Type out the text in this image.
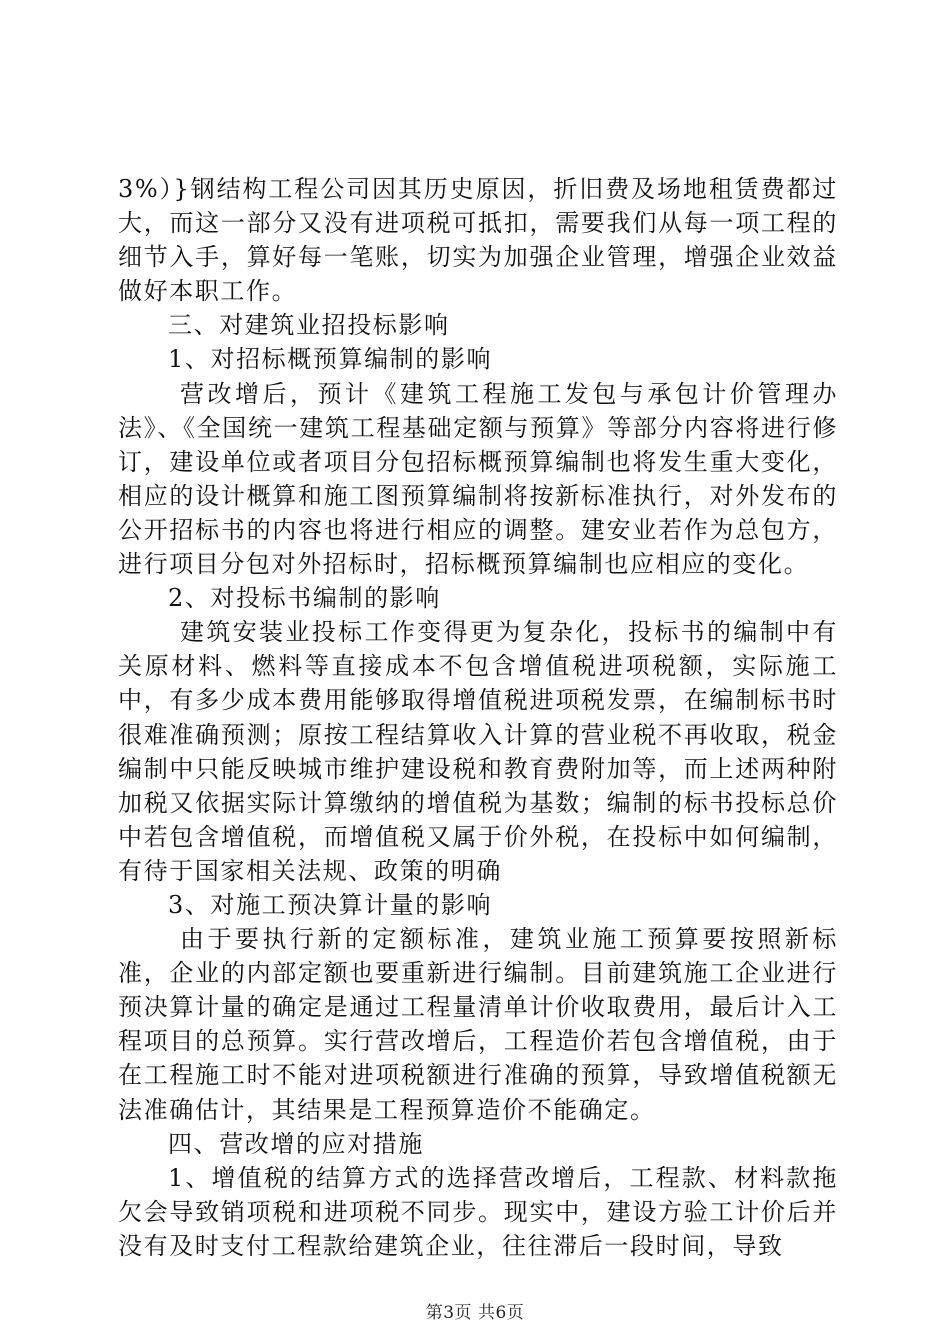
3%）}钢结构工程公司因其历史原因，折旧费及场地租赁费都过大，而这一部分又没有进项税可抵扣，需要我们从每一项工程的细节入手，算好每一笔账，切实为加强企业管理，增强企业效益做好本职工作。

三、对建筑业招投标影响

1、对招标概预算编制的影响

营改增后，预计《建筑工程施工发包与承包计价管理办法》、《全国统一建筑工程基础定额与预算》等部分内容将进行修订，建设单位或者项目分包招标概预算编制也将发生重大变化，相应的设计概算和施工图预算编制将按新标准执行，对外发布的公开招标书的内容也将进行相应的调整。建安业若作为总包方，进行项目分包对外招标时，招标概预算编制也应相应的变化。

2、对投标书编制的影响

建筑安装业投标工作变得更为复杂化，投标书的编制中有关原材料、燃料等直接成本不包含增值税进项税额，实际施工中，有多少成本费用能够取得增值税进项税发票，在编制标书时很难准确预测；原按工程结算收入计算的营业税不再收取，税金编制中只能反映城市维护建设税和教育费附加等，而上述两种附加税又依据实际计算缴纳的增值税为基数；编制的标书投标总价中若包含增值税，而增值税又属于价外税，在投标中如何编制，有待于国家相关法规、政策的明确

3、对施工预决算计量的影响

由于要执行新的定额标准，建筑业施工预算要按照新标准，企业的内部定额也要重新进行编制。目前建筑施工企业进行预决算计量的确定是通过工程量清单计价收取费用，最后计入工程项目的总预算。实行营改增后，工程造价若包含增值税，由于在工程施工时不能对进项税额进行准确的预算，导致增值税额无法准确估计，其结果是工程预算造价不能确定。

四、营改增的应对措施

1、增值税的结算方式的选择营改增后，工程款、材料款拖欠会导致销项税和进项税不同步。现实中，建设方验工计价后并没有及时支付工程款给建筑企业，往往滞后一段时间，导致

第3页 共6页
